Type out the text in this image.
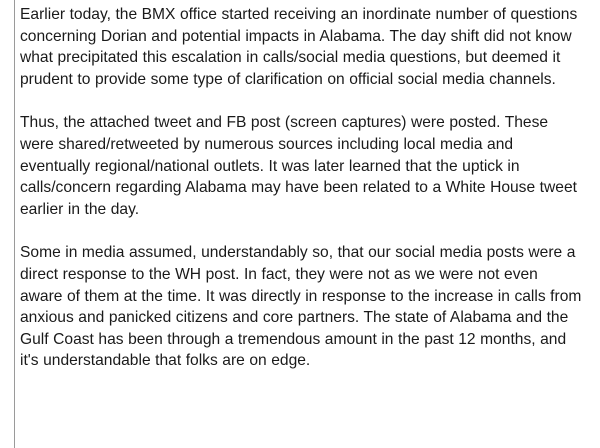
Earlier today, the BMX office started receiving an inordinate number of questions concerning Dorian and potential impacts in Alabama. The day shift did not know what precipitated this escalation in calls/social media questions, but deemed it prudent to provide some type of clarification on official social media channels.

Thus, the attached tweet and FB post (screen captures) were posted. These were shared/retweeted by numerous sources including local media and eventually regional/national outlets. It was later learned that the uptick in calls/concern regarding Alabama may have been related to a White House tweet earlier in the day.

Some in media assumed, understandably so, that our social media posts were a direct response to the WH post. In fact, they were not as we were not even aware of them at the time. It was directly in response to the increase in calls from anxious and panicked citizens and core partners. The state of Alabama and the Gulf Coast has been through a tremendous amount in the past 12 months, and it's understandable that folks are on edge.
